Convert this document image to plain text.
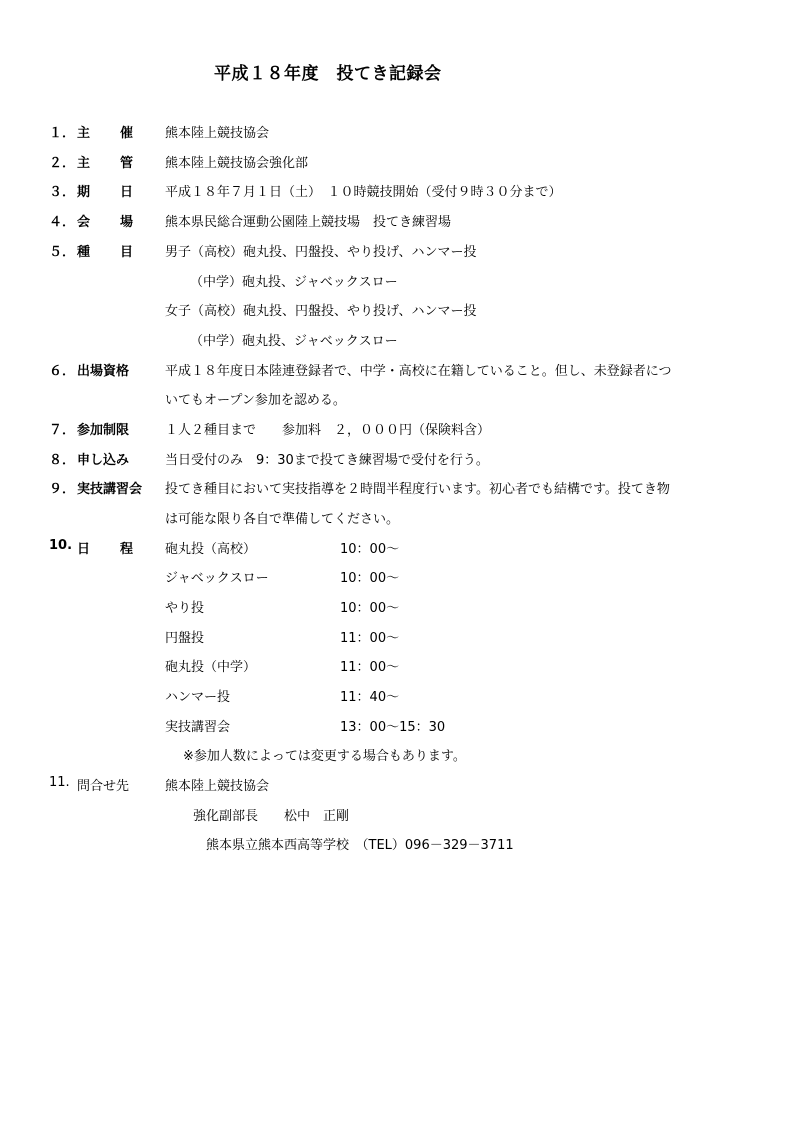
平成１８年度　投てき記録会
１． 主 催 熊本陸上競技協会
２． 主 管 熊本陸上競技協会強化部
３． 期 日 平成１８年７月１日（土）　１０時競技開始（受付９時３０分まで）
４． 会 場 熊本県民総合運動公園陸上競技場　投てき練習場
５． 種 目 男子（高校）砲丸投、円盤投、やり投げ、ハンマー投
（中学）砲丸投、ジャベックスロー
女子（高校）砲丸投、円盤投、やり投げ、ハンマー投
（中学）砲丸投、ジャベックスロー
６． 出場資格	平成１８年度日本陸連登録者で、中学・高校に在籍していること。但し、未登録者につ
いてもオープン参加を認める。
７． 参加制限	１人２種目まで　　参加料　２，０００円（保険料含）
８． 申し込み	当日受付のみ　9：30まで投てき練習場で受付を行う。
９． 実技講習会 投てき種目において実技指導を２時間半程度行います。初心者でも結構です。投てき物
は可能な限り各自で準備してください。
10. 日 程 砲丸投（高校）	10：00～
ジャベックスロー	10：00～
やり投	10：00～
円盤投	11：00～
砲丸投（中学）	11：00～
ハンマー投	11：40～
実技講習会	13：00～15：30
※参加人数によっては変更する場合もあります。
11. 問合せ先	熊本陸上競技協会
強化副部長　　松中　正剛
熊本県立熊本西高等学校　（TEL）096－329－3711
